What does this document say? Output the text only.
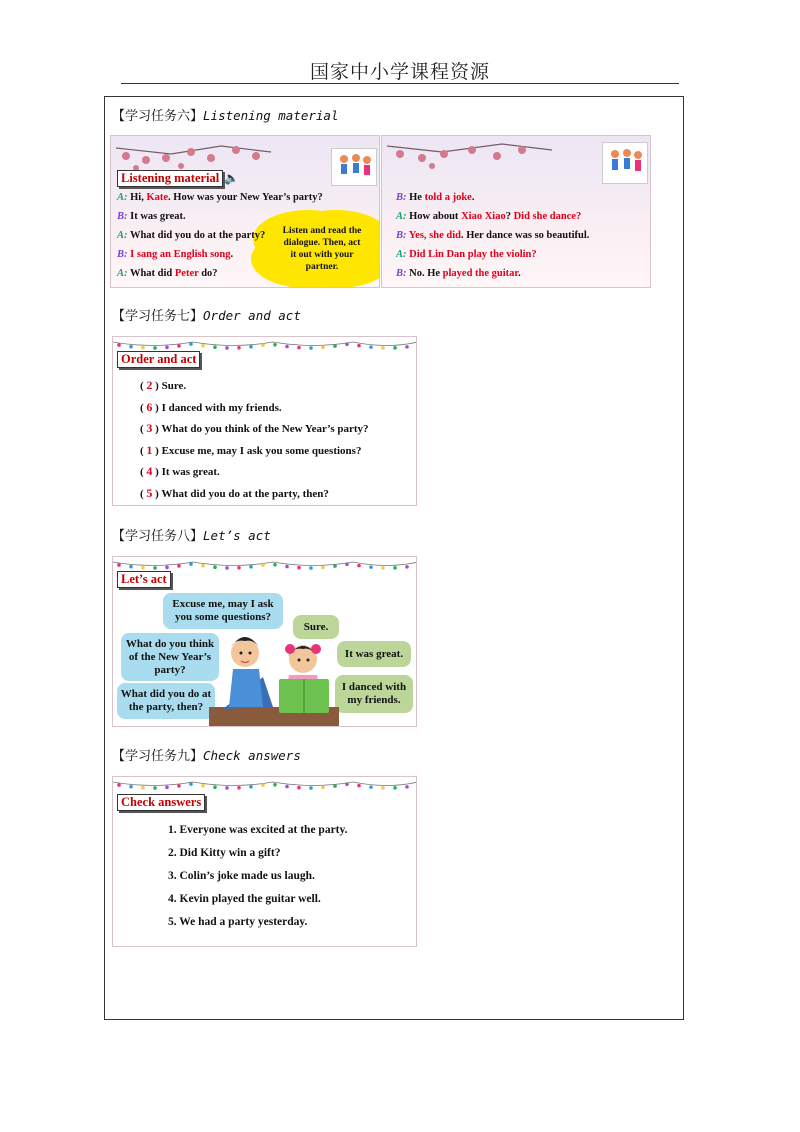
国家中小学课程资源
【学习任务六】Listening material
Listening material 🔈
Listen and read the
dialogue. Then, act
it out with your
partner.
A: Hi, Kate. How was your New Year’s party?
B: It was great.
A: What did you do at the party?
B: I sang an English song.
A: What did Peter do?
B: He told a joke.
A: How about Xiao Xiao? Did she dance?
B: Yes, she did. Her dance was so beautiful.
A: Did Lin Dan play the violin?
B: No. He played the guitar.
【学习任务七】Order and act
Order and act
( 2 ) Sure.
( 6 ) I danced with my friends.
( 3 ) What do you think of the New Year’s party?
( 1 ) Excuse me, may I ask you some questions?
( 4 ) It was great.
( 5 ) What did you do at the party, then?
【学习任务八】Let’s act
Let’s act
Excuse me, may I ask you some questions?
What do you think of the New Year’s party?
What did you do at the party, then?
Sure.
It was great.
I danced with my friends.
【学习任务九】Check answers
Check answers
1. Everyone was excited at the party.
2. Did Kitty win a gift?
3. Colin’s joke made us laugh.
4. Kevin played the guitar well.
5. We had a party yesterday.
